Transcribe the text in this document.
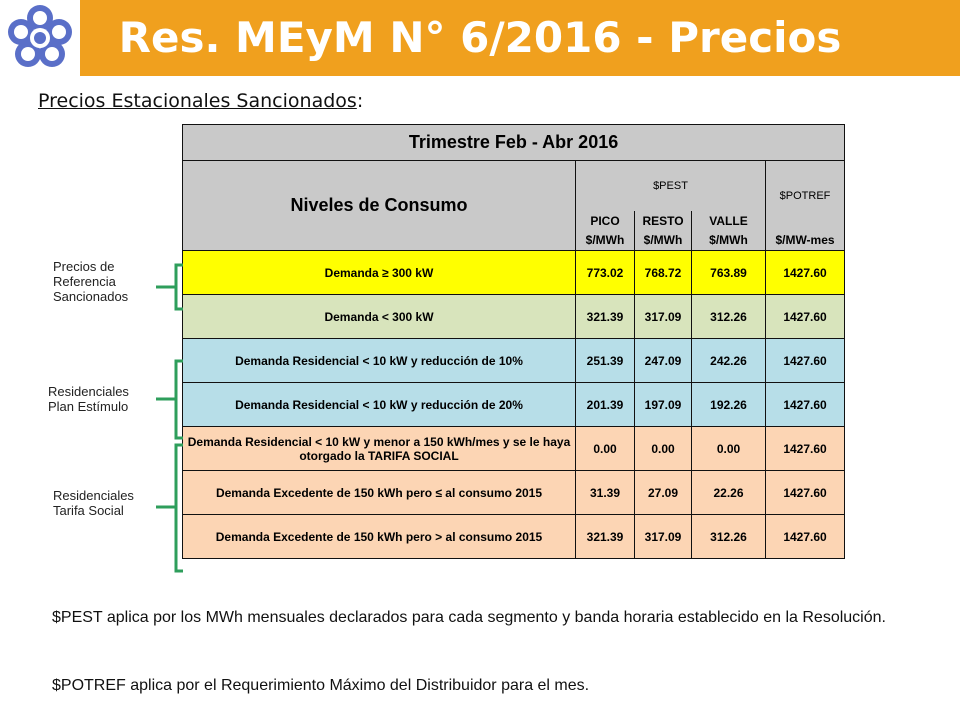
Res. MEyM N° 6/2016 - Precios
Precios Estacionales Sancionados:
Trimestre Feb - Abr 2016				
Niveles de Consumo	$PEST			$POTREF
	PICO	RESTO	VALLE	
	$/MWh	$/MWh	$/MWh	$/MW-mes
Demanda ≥ 300 kW	773.02	768.72	763.89	1427.60
Demanda < 300 kW	321.39	317.09	312.26	1427.60
Demanda Residencial < 10 kW y reducción de 10%	251.39	247.09	242.26	1427.60
Demanda Residencial < 10 kW y reducción de 20%	201.39	197.09	192.26	1427.60
Demanda Residencial < 10 kW y menor a 150 kWh/mes y se le haya otorgado la TARIFA SOCIAL	0.00	0.00	0.00	1427.60
Demanda Excedente de 150 kWh pero ≤ al consumo 2015	31.39	27.09	22.26	1427.60
Demanda Excedente de 150 kWh pero > al consumo 2015	321.39	317.09	312.26	1427.60
Precios de Referencia Sancionados
Residenciales Plan Estímulo
Residenciales Tarifa Social
$PEST aplica por los MWh mensuales declarados para cada segmento y banda horaria establecido en la Resolución.
$POTREF aplica por el Requerimiento Máximo del Distribuidor para el mes.
